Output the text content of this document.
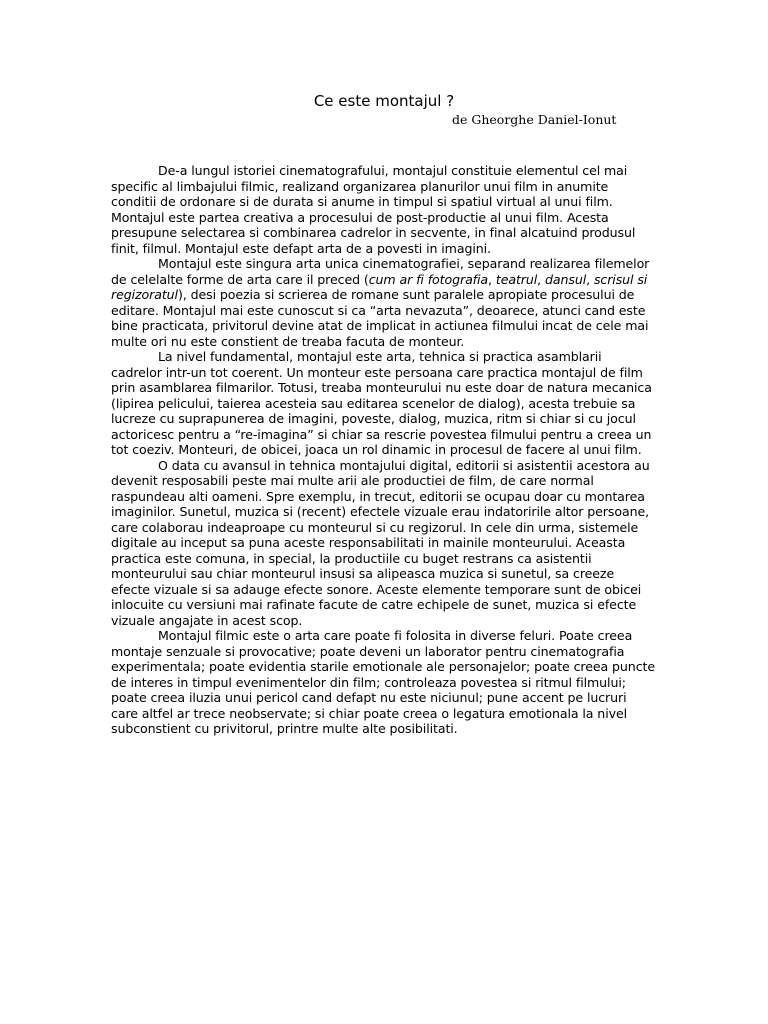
Ce este montajul ?
de Gheorghe Daniel-Ionut

De-a lungul istoriei cinematografului, montajul constituie elementul cel mai specific al limbajului filmic, realizand organizarea planurilor unui film in anumite conditii de ordonare si de durata si anume in timpul si spatiul virtual al unui film. Montajul este partea creativa a procesului de post-productie al unui film. Acesta presupune selectarea si combinarea cadrelor in secvente, in final alcatuind produsul finit, filmul. Montajul este defapt arta de a povesti in imagini.

Montajul este singura arta unica cinematografiei, separand realizarea filemelor de celelalte forme de arta care il preced (cum ar fi fotografia, teatrul, dansul, scrisul si regizoratul), desi poezia si scrierea de romane sunt paralele apropiate procesului de editare. Montajul mai este cunoscut si ca “arta nevazuta”, deoarece, atunci cand este bine practicata, privitorul devine atat de implicat in actiunea filmului incat de cele mai multe ori nu este constient de treaba facuta de monteur.

La nivel fundamental, montajul este arta, tehnica si practica asamblarii cadrelor intr-un tot coerent. Un monteur este persoana care practica montajul de film prin asamblarea filmarilor. Totusi, treaba monteurului nu este doar de natura mecanica (lipirea pelicului, taierea acesteia sau editarea scenelor de dialog), acesta trebuie sa lucreze cu suprapunerea de imagini, poveste, dialog, muzica, ritm si chiar si cu jocul actoricesc pentru a “re-imagina” si chiar sa rescrie povestea filmului pentru a creea un tot coeziv. Monteuri, de obicei, joaca un rol dinamic in procesul de facere al unui film.

O data cu avansul in tehnica montajului digital, editorii si asistentii acestora au devenit resposabili peste mai multe arii ale productiei de film, de care normal raspundeau alti oameni. Spre exemplu, in trecut, editorii se ocupau doar cu montarea imaginilor. Sunetul, muzica si (recent) efectele vizuale erau indatoririle altor persoane, care colaborau indeaproape cu monteurul si cu regizorul. In cele din urma, sistemele digitale au inceput sa puna aceste responsabilitati in mainile monteurului. Aceasta practica este comuna, in special, la productiile cu buget restrans ca asistentii monteurului sau chiar monteurul insusi sa alipeasca muzica si sunetul, sa creeze efecte vizuale si sa adauge efecte sonore. Aceste elemente temporare sunt de obicei inlocuite cu versiuni mai rafinate facute de catre echipele de sunet, muzica si efecte vizuale angajate in acest scop.

Montajul filmic este o arta care poate fi folosita in diverse feluri. Poate creea montaje senzuale si provocative; poate deveni un laborator pentru cinematografia experimentala; poate evidentia starile emotionale ale personajelor; poate creea puncte de interes in timpul evenimentelor din film; controleaza povestea si ritmul filmului; poate creea iluzia unui pericol cand defapt nu este niciunul; pune accent pe lucruri care altfel ar trece neobservate; si chiar poate creea o legatura emotionala la nivel subconstient cu privitorul, printre multe alte posibilitati.
